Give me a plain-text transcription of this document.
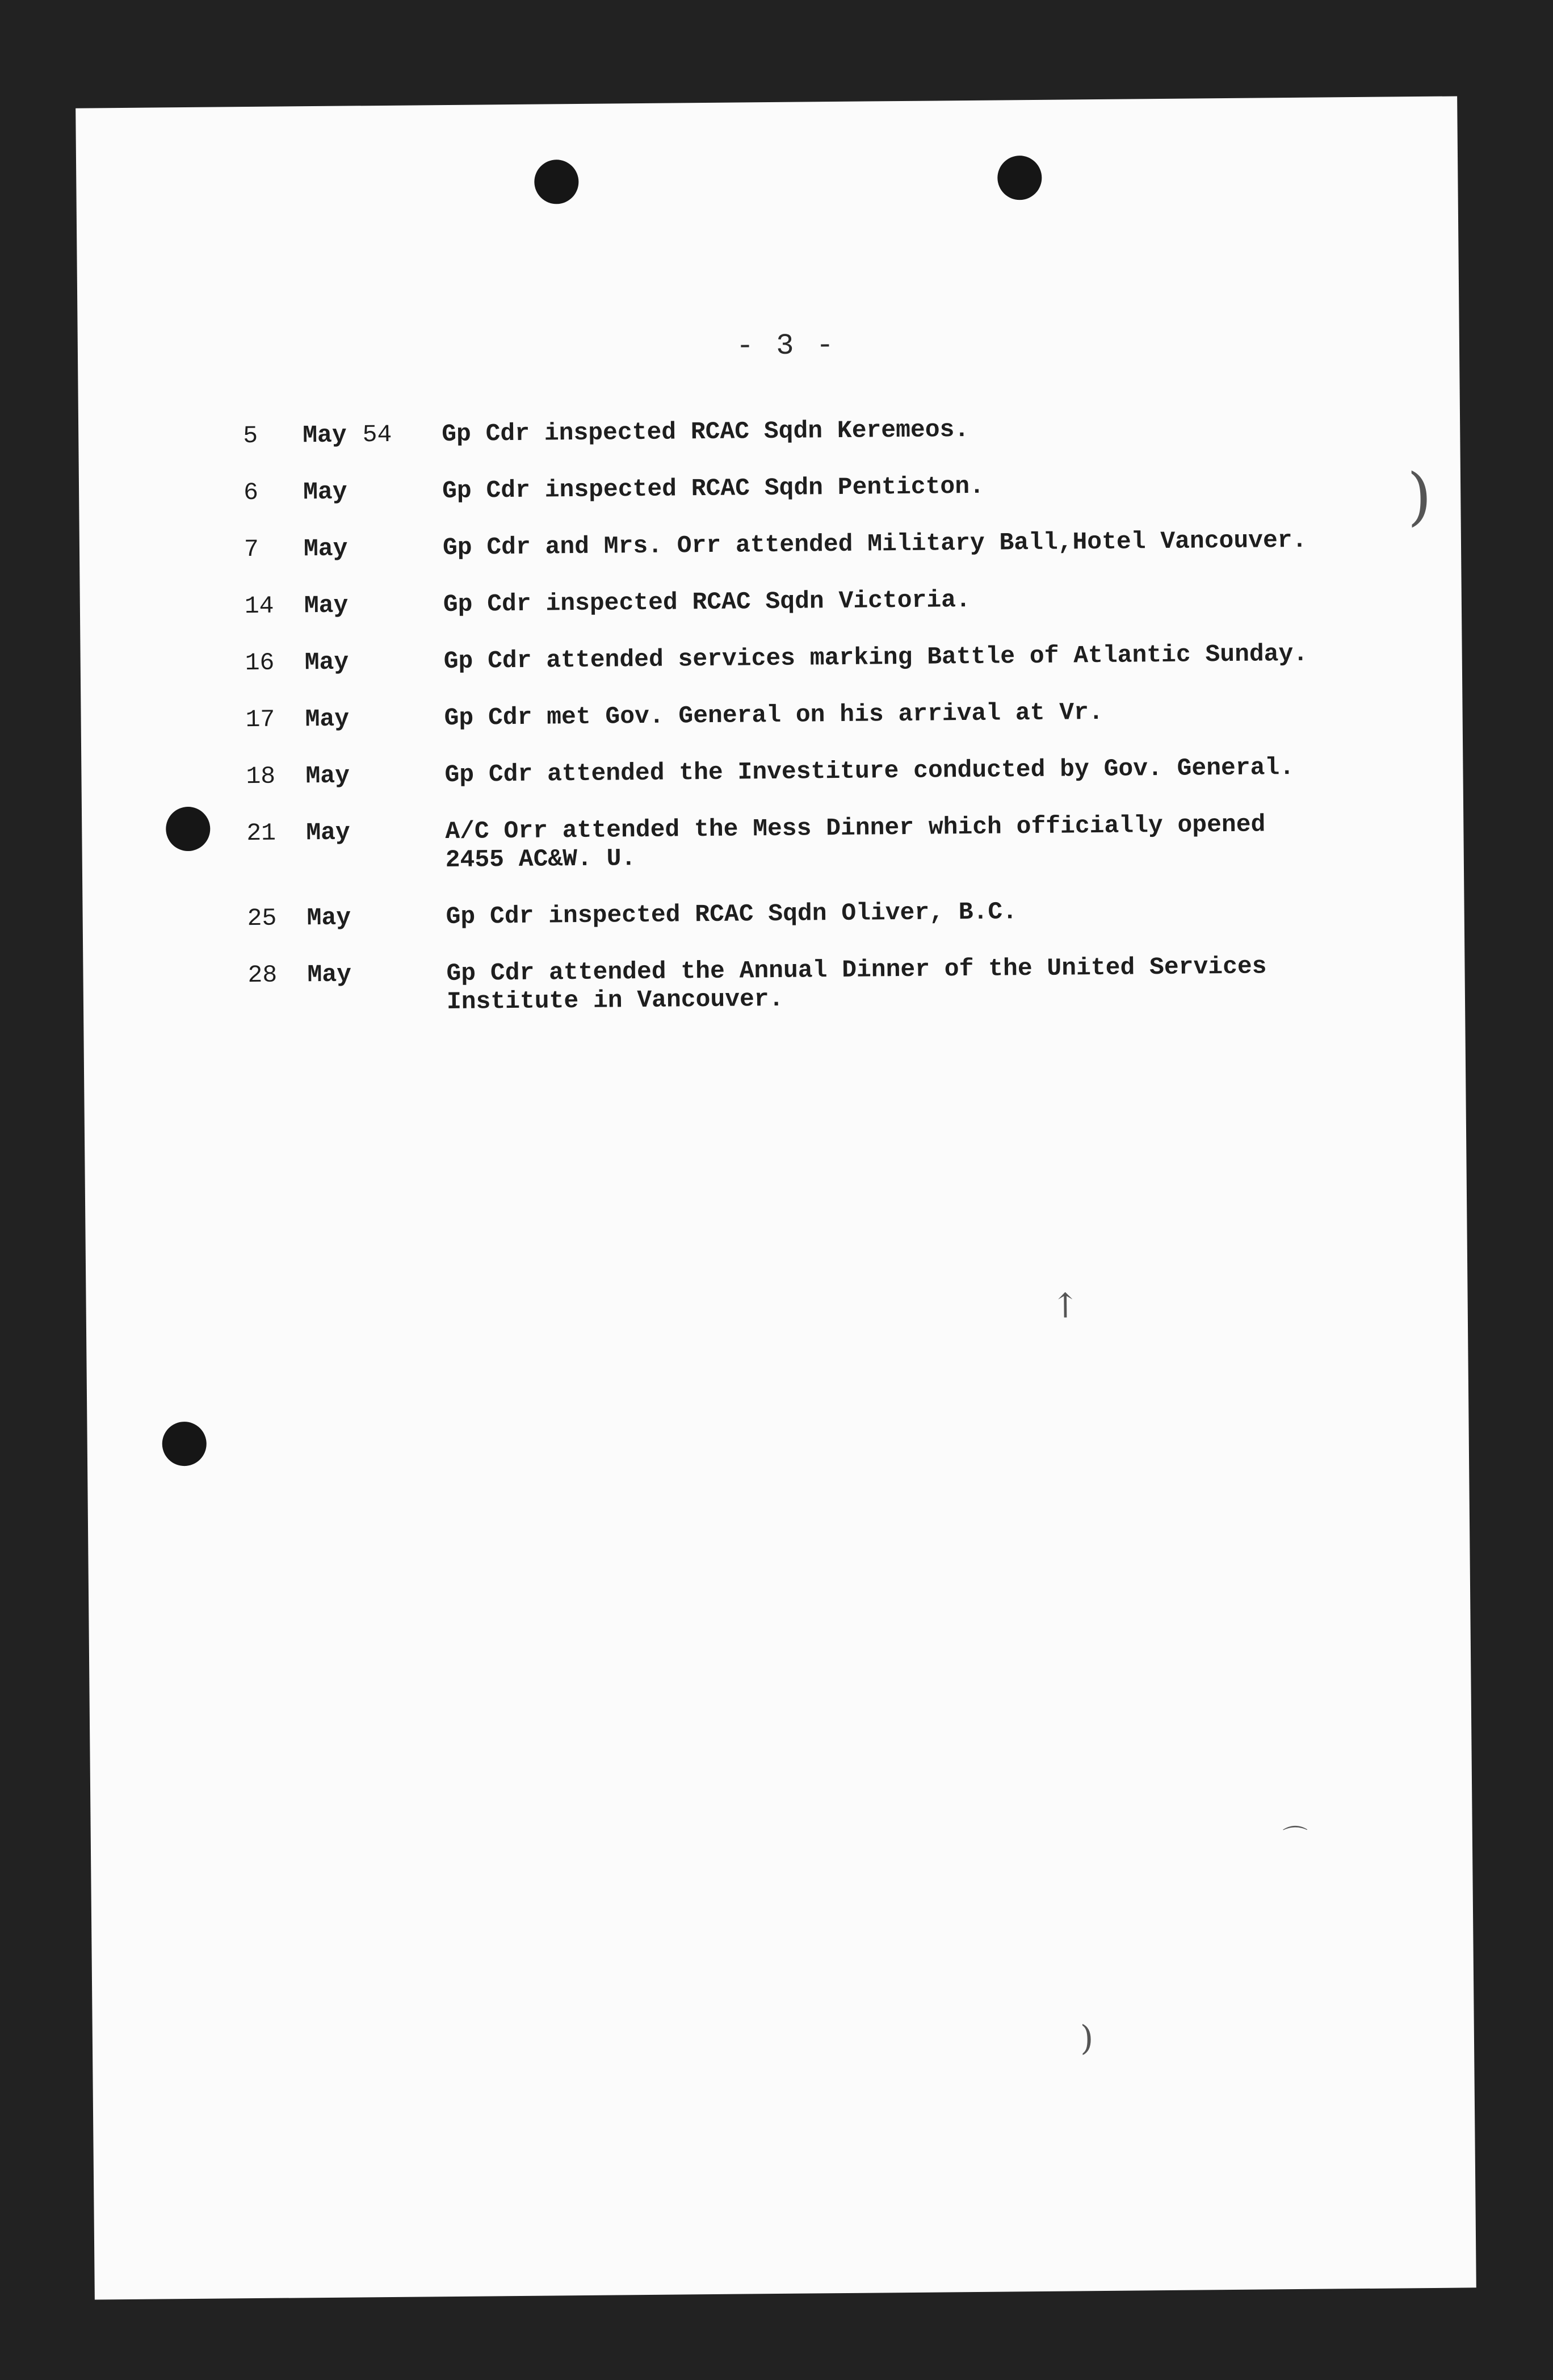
- 3 -
5	May 54 Gp Cdr inspected RCAC Sqdn Keremeos.
6	May	Gp Cdr inspected RCAC Sqdn Penticton.
7	May	Gp Cdr and Mrs. Orr attended Military Ball,Hotel Vancouver.
14	May	Gp Cdr inspected RCAC Sqdn Victoria.
16	May	Gp Cdr attended services marking Battle of Atlantic Sunday.
17	May	Gp Cdr met Gov. General on his arrival at Vr.
18	May	Gp Cdr attended the Investiture conducted by Gov. General.
21	May	A/C Orr attended the Mess Dinner which officially opened
2455 AC&W. U.
25	May	Gp Cdr inspected RCAC Sqdn Oliver, B.C.
28	May	Gp Cdr attended the Annual Dinner of the United Services
Institute in Vancouver.
)
↑
⌒
)
